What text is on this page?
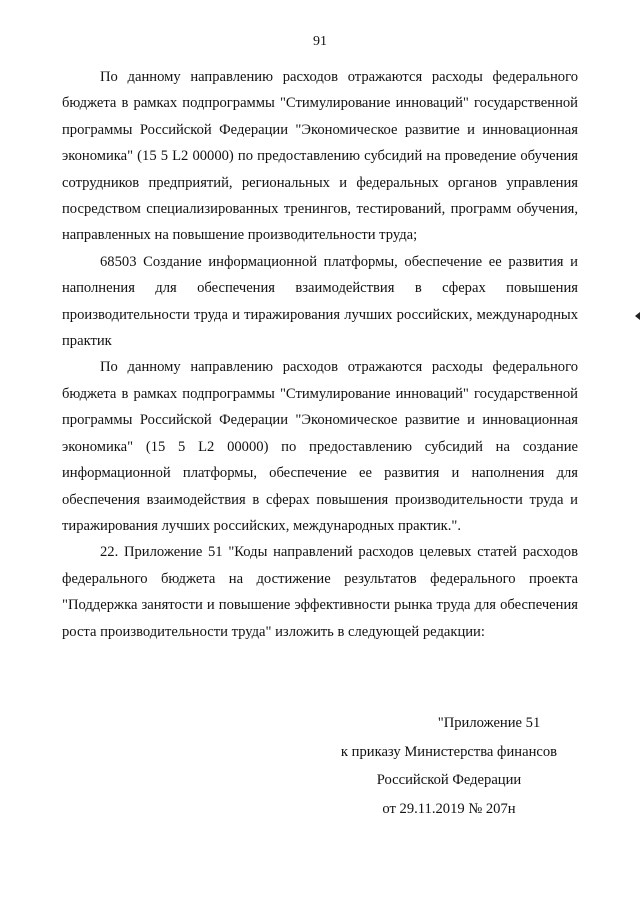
91

По данному направлению расходов отражаются расходы федерального бюджета в рамках подпрограммы "Стимулирование инноваций" государственной программы Российской Федерации "Экономическое развитие и инновационная экономика" (15 5 L2 00000) по предоставлению субсидий на проведение обучения сотрудников предприятий, региональных и федеральных органов управления посредством специализированных тренингов, тестирований, программ обучения, направленных на повышение производительности труда;

68503 Создание информационной платформы, обеспечение ее развития и наполнения для обеспечения взаимодействия в сферах повышения производительности труда и тиражирования лучших российских, международных практик

По данному направлению расходов отражаются расходы федерального бюджета в рамках подпрограммы "Стимулирование инноваций" государственной программы Российской Федерации "Экономическое развитие и инновационная экономика" (15 5 L2 00000) по предоставлению субсидий на создание информационной платформы, обеспечение ее развития и наполнения для обеспечения взаимодействия в сферах повышения производительности труда и тиражирования лучших российских, международных практик.".

22. Приложение 51 "Коды направлений расходов целевых статей расходов федерального бюджета на достижение результатов федерального проекта "Поддержка занятости и повышение эффективности рынка труда для обеспечения роста производительности труда" изложить в следующей редакции:

"Приложение 51
к приказу Министерства финансов
Российской Федерации
от 29.11.2019 № 207н
